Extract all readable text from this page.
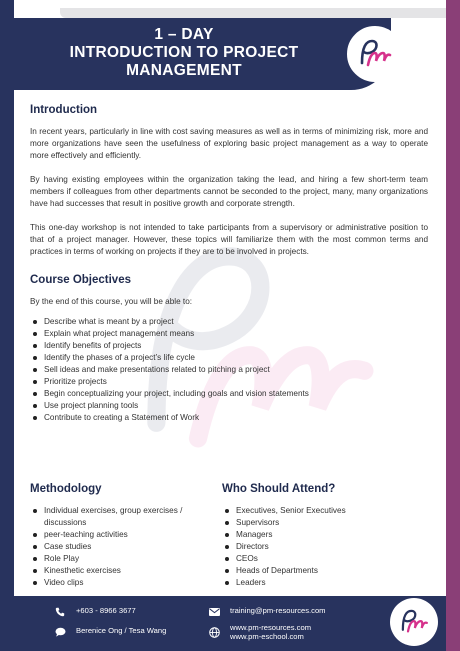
1 – DAY
INTRODUCTION TO PROJECT
MANAGEMENT
Introduction

In recent years, particularly in line with cost saving measures as well as in terms of minimizing risk, more and more organizations have seen the usefulness of exploring basic project management as a way to operate more effectively and efficiently.

By having existing employees within the organization taking the lead, and hiring a few short-term team members if colleagues from other departments cannot be seconded to the project, many, many organizations have had successes that result in positive growth and corporate strength.

This one-day workshop is not intended to take participants from a supervisory or administrative position to that of a project manager. However, these topics will familiarize them with the most common terms and practices in terms of working on projects if they are to be involved in projects.

Course Objectives

By the end of this course, you will be able to:

Describe what is meant by a project
Explain what project management means
Identify benefits of projects
Identify the phases of a project’s life cycle
Sell ideas and make presentations related to pitching a project
Prioritize projects
Begin conceptualizing your project, including goals and vision statements
Use project planning tools
Contribute to creating a Statement of Work
Methodology
Individual exercises, group exercises / discussions
peer-teaching activities
Case studies
Role Play
Kinesthetic exercises
Video clips
Who Should Attend?
Executives, Senior Executives
Supervisors
Managers
Directors
CEOs
Heads of Departments
Leaders
+603 - 8966 3677
Berenice Ong / Tesa Wang
training@pm-resources.com
www.pm-resources.com
www.pm-eschool.com
